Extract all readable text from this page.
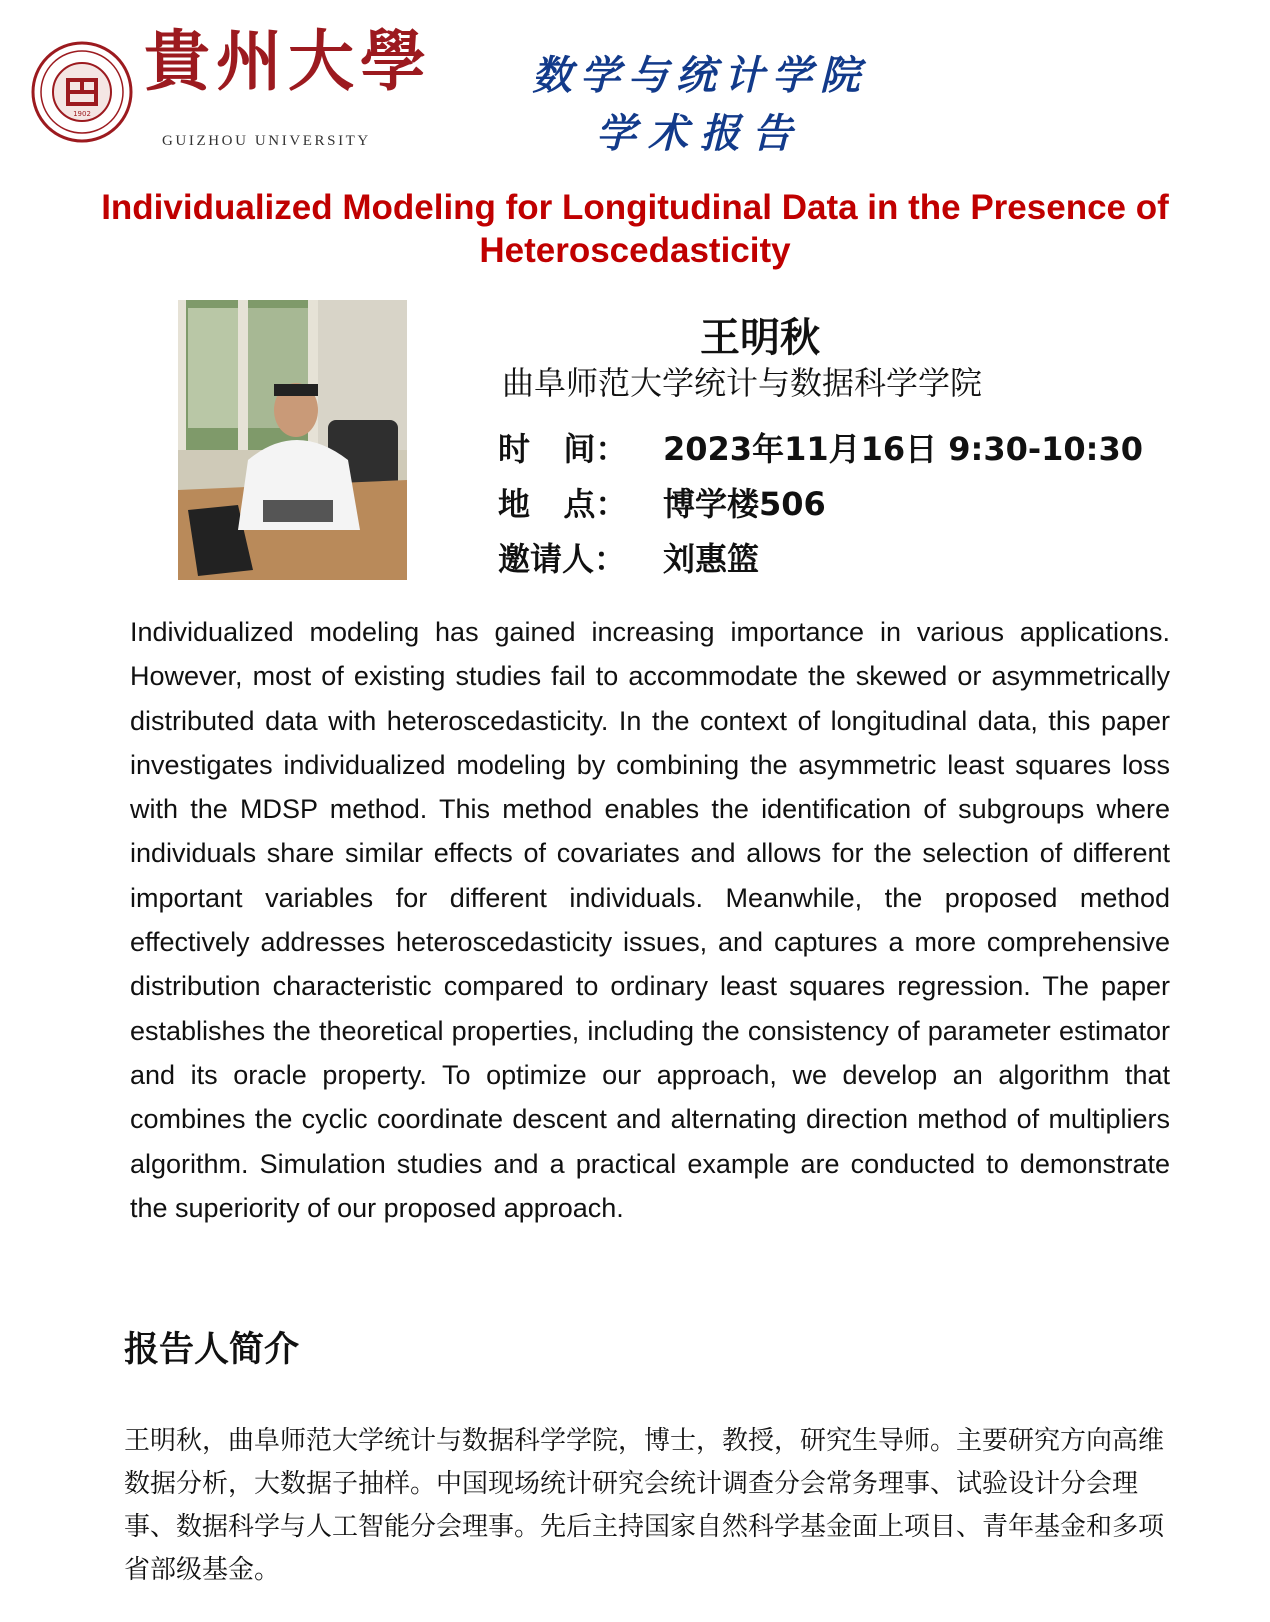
1902
貴州大學
GUIZHOU UNIVERSITY
数学与统计学院
学术报告
Individualized Modeling for Longitudinal Data in the Presence of Heteroscedasticity
王明秋
曲阜师范大学统计与数据科学学院
时   间： 2023年11月16日 9:30-10:30
地   点： 博学楼506
邀请人： 刘惠篮
Individualized modeling has gained increasing importance in various applications. However, most of existing studies fail to accommodate the skewed or asymmetrically distributed data with heteroscedasticity. In the context of longitudinal data, this paper investigates individualized modeling by combining the asymmetric least squares loss with the MDSP method. This method enables the identification of subgroups where individuals share similar effects of covariates and allows for the selection of different important variables for different individuals. Meanwhile, the proposed method effectively addresses heteroscedasticity issues, and captures a more comprehensive distribution characteristic compared to ordinary least squares regression. The paper establishes the theoretical properties, including the consistency of parameter estimator and its oracle property. To optimize our approach, we develop an algorithm that combines the cyclic coordinate descent and alternating direction method of multipliers algorithm. Simulation studies and a practical example are conducted to demonstrate the superiority of our proposed approach.
报告人简介
王明秋，曲阜师范大学统计与数据科学学院，博士，教授，研究生导师。主要研究方向高维数据分析，大数据子抽样。中国现场统计研究会统计调查分会常务理事、试验设计分会理事、数据科学与人工智能分会理事。先后主持国家自然科学基金面上项目、青年基金和多项省部级基金。
